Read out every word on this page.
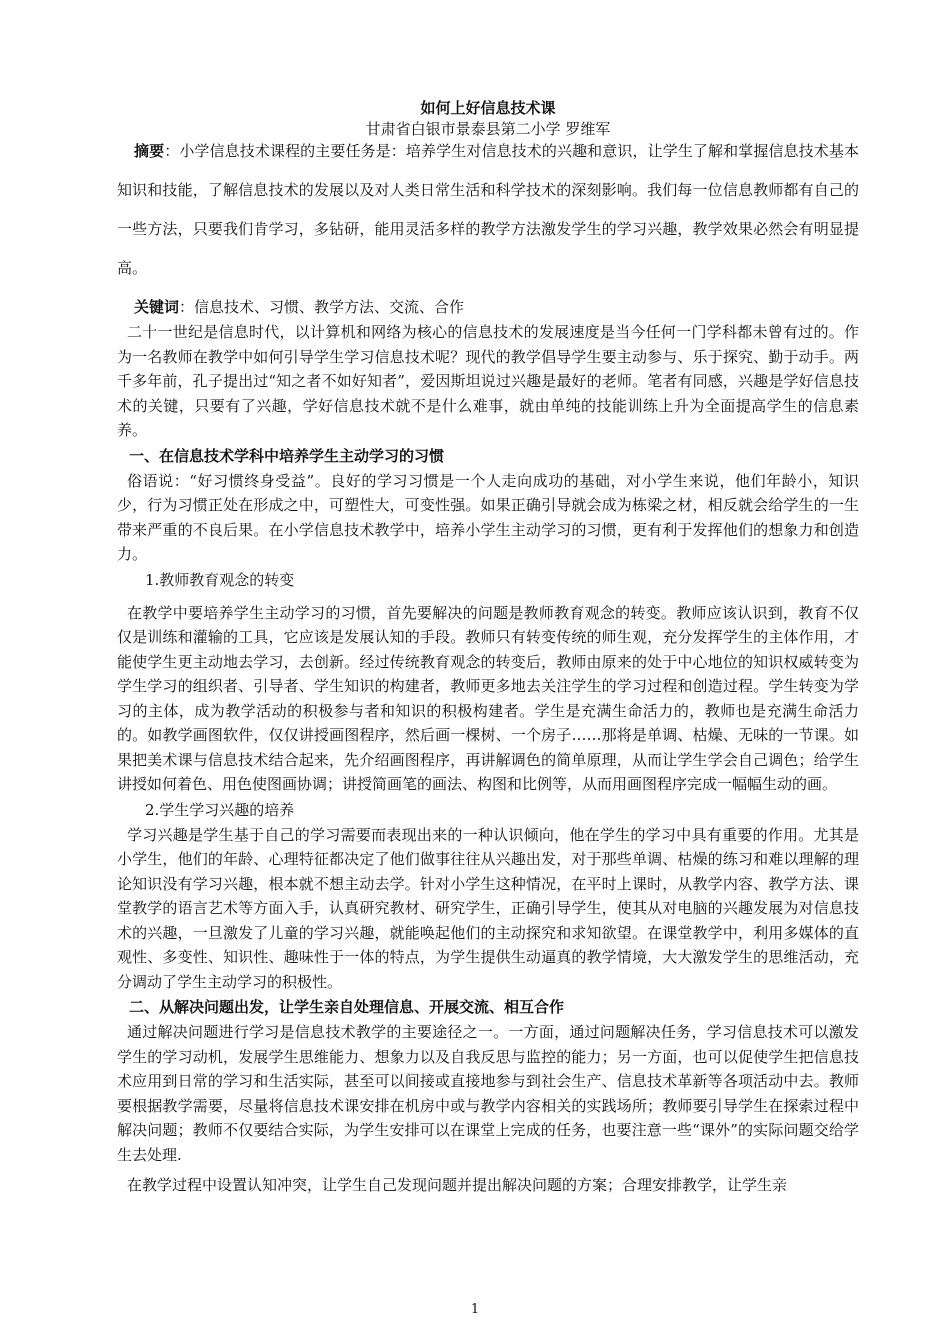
如何上好信息技术课

甘肃省白银市景泰县第二小学 罗维军

摘要：小学信息技术课程的主要任务是：培养学生对信息技术的兴趣和意识，让学生了解和掌握信息技术基本知识和技能，了解信息技术的发展以及对人类日常生活和科学技术的深刻影响。我们每一位信息教师都有自己的一些方法，只要我们肯学习，多钻研，能用灵活多样的教学方法激发学生的学习兴趣，教学效果必然会有明显提高。

关键词：信息技术、习惯、教学方法、交流、合作

二十一世纪是信息时代，以计算机和网络为核心的信息技术的发展速度是当今任何一门学科都未曾有过的。作为一名教师在教学中如何引导学生学习信息技术呢？现代的教学倡导学生要主动参与、乐于探究、勤于动手。两千多年前，孔子提出过“知之者不如好知者”，爱因斯坦说过兴趣是最好的老师。笔者有同感，兴趣是学好信息技术的关键，只要有了兴趣，学好信息技术就不是什么难事，就由单纯的技能训练上升为全面提高学生的信息素养。

一、在信息技术学科中培养学生主动学习的习惯

俗语说：“好习惯终身受益”。良好的学习习惯是一个人走向成功的基础，对小学生来说，他们年龄小，知识少，行为习惯正处在形成之中，可塑性大，可变性强。如果正确引导就会成为栋梁之材，相反就会给学生的一生带来严重的不良后果。在小学信息技术教学中，培养小学生主动学习的习惯，更有利于发挥他们的想象力和创造力。

1.教师教育观念的转变

在教学中要培养学生主动学习的习惯，首先要解决的问题是教师教育观念的转变。教师应该认识到，教育不仅仅是训练和灌输的工具，它应该是发展认知的手段。教师只有转变传统的师生观，充分发挥学生的主体作用，才能使学生更主动地去学习，去创新。经过传统教育观念的转变后，教师由原来的处于中心地位的知识权威转变为学生学习的组织者、引导者、学生知识的构建者，教师更多地去关注学生的学习过程和创造过程。学生转变为学习的主体，成为教学活动的积极参与者和知识的积极构建者。学生是充满生命活力的，教师也是充满生命活力的。如教学画图软件，仅仅讲授画图程序，然后画一棵树、一个房子……那将是单调、枯燥、无味的一节课。如果把美术课与信息技术结合起来，先介绍画图程序，再讲解调色的简单原理，从而让学生学会自己调色；给学生讲授如何着色、用色使图画协调；讲授简画笔的画法、构图和比例等，从而用画图程序完成一幅幅生动的画。

2.学生学习兴趣的培养

学习兴趣是学生基于自己的学习需要而表现出来的一种认识倾向，他在学生的学习中具有重要的作用。尤其是小学生，他们的年龄、心理特征都决定了他们做事往往从兴趣出发，对于那些单调、枯燥的练习和难以理解的理论知识没有学习兴趣，根本就不想主动去学。针对小学生这种情况，在平时上课时，从教学内容、教学方法、课堂教学的语言艺术等方面入手，认真研究教材、研究学生，正确引导学生，使其从对电脑的兴趣发展为对信息技术的兴趣，一旦激发了儿童的学习兴趣，就能唤起他们的主动探究和求知欲望。在课堂教学中，利用多媒体的直观性、多变性、知识性、趣味性于一体的特点，为学生提供生动逼真的教学情境，大大激发学生的思维活动，充分调动了学生主动学习的积极性。

二、从解决问题出发，让学生亲自处理信息、开展交流、相互合作

通过解决问题进行学习是信息技术教学的主要途径之一。一方面，通过问题解决任务，学习信息技术可以激发学生的学习动机，发展学生思维能力、想象力以及自我反思与监控的能力；另一方面，也可以促使学生把信息技术应用到日常的学习和生活实际，甚至可以间接或直接地参与到社会生产、信息技术革新等各项活动中去。教师要根据教学需要，尽量将信息技术课安排在机房中或与教学内容相关的实践场所；教师要引导学生在探索过程中解决问题；教师不仅要结合实际，为学生安排可以在课堂上完成的任务，也要注意一些“课外”的实际问题交给学生去处理.

在教学过程中设置认知冲突，让学生自己发现问题并提出解决问题的方案；合理安排教学，让学生亲

1
